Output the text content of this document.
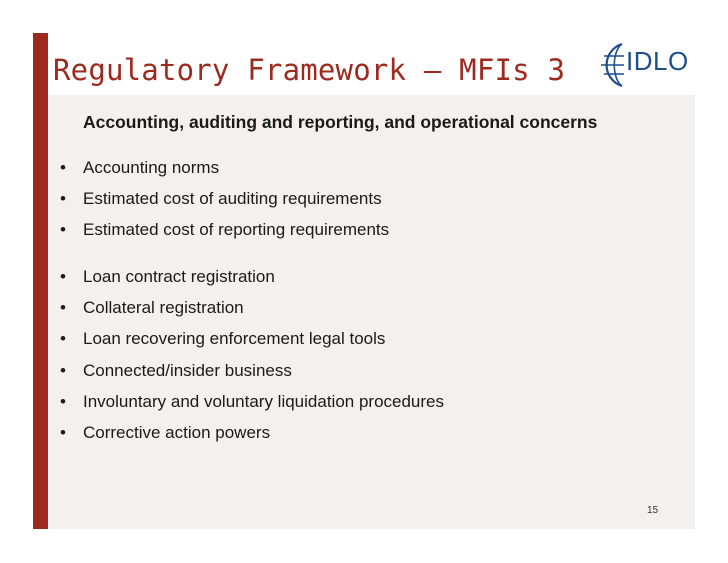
Regulatory Framework – MFIs 3 IDLO
Accounting, auditing and reporting, and operational concerns
• Accounting norms
• Estimated cost of auditing requirements
• Estimated cost of reporting requirements
• Loan contract registration
• Collateral registration
• Loan recovering enforcement legal tools
• Connected/insider business
• Involuntary and voluntary liquidation procedures
• Corrective action powers
15
